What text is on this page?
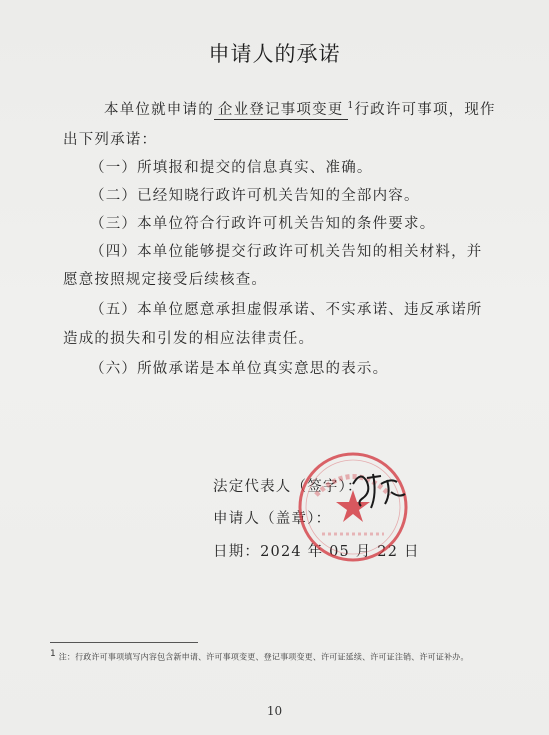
申请人的承诺
本单位就申请的 企业登记事项变更 $^1$行政许可事项，现作
出下列承诺：
（一）所填报和提交的信息真实、准确。
（二）已经知晓行政许可机关告知的全部内容。
（三）本单位符合行政许可机关告知的条件要求。
（四）本单位能够提交行政许可机关告知的相关材料，并
愿意按照规定接受后续核查。
（五）本单位愿意承担虚假承诺、不实承诺、违反承诺所
造成的损失和引发的相应法律责任。
（六）所做承诺是本单位真实意思的表示。
法定代表人（签字）：
申请人（盖章）：
日期：2024 年 05 月 22 日
1 注：行政许可事项填写内容包含新申请、许可事项变更、登记事项变更、许可证延续、许可证注销、许可证补办。
10
